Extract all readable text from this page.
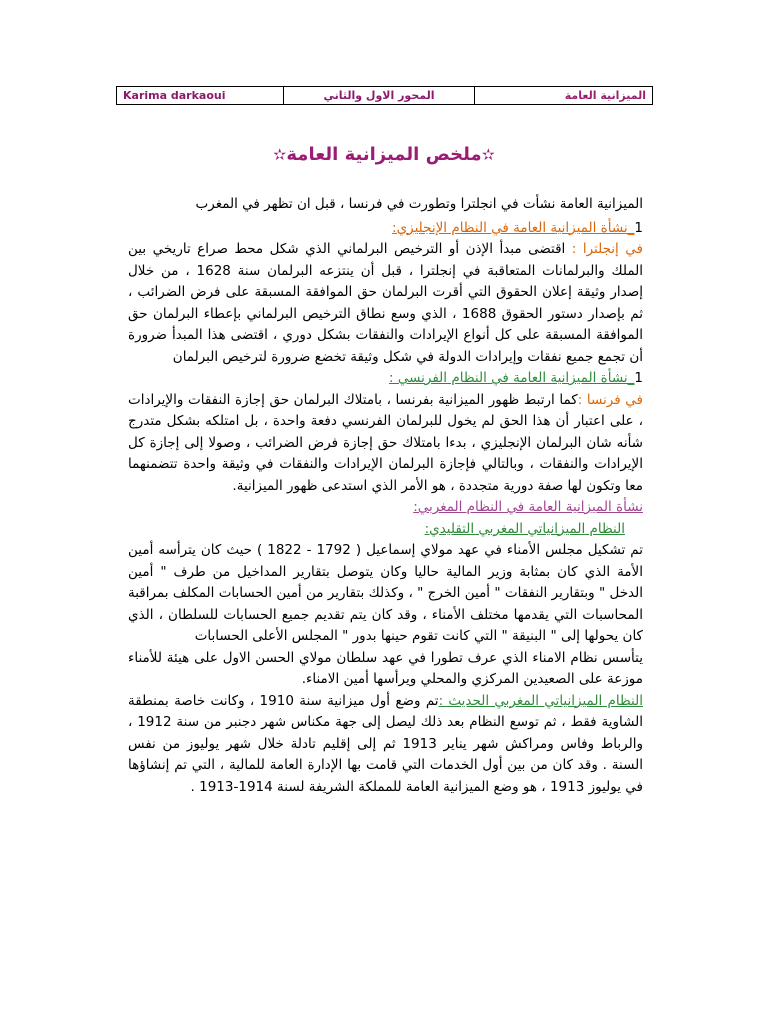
الميزانية العامة	المحور الاول والثاني	Karima darkaoui
✫ملخص الميزانية العامة✫

الميزانية العامة نشأت في انجلترا وتطورت في فرنسا ، قبل ان تظهر في المغرب

1_نشأة الميزانية العامة في النظام الإنجليزي:

في إنجلترا : اقتضى مبدأ الإذن أو الترخيص البرلماني الذي شكل محط صراع تاريخي بين الملك والبرلمانات المتعاقبة في إنجلترا ، قبل أن ينتزعه البرلمان سنة 1628 ، من خلال إصدار وثيقة إعلان الحقوق التي أقرت البرلمان حق الموافقة المسبقة على فرض الضرائب ، ثم بإصدار دستور الحقوق 1688 ، الذي وسع نطاق الترخيص البرلماني بإعطاء البرلمان حق الموافقة المسبقة على كل أنواع الإيرادات والنفقات بشكل دوري ، اقتضى هذا المبدأ ضرورة أن تجمع جميع نفقات وإيرادات الدولة في شكل وثيقة تخضع ضرورة لترخيص البرلمان

1_نشأة الميزانية العامة في النظام الفرنسي :

في فرنسا :كما ارتبط ظهور الميزانية بفرنسا ، بامتلاك البرلمان حق إجازة النفقات والإيرادات ، على اعتبار أن هذا الحق لم يخول للبرلمان الفرنسي دفعة واحدة ، بل امتلكه بشكل متدرج شأنه شان البرلمان الإنجليزي ، بدءا بامتلاك حق إجازة فرض الضرائب ، وصولا إلى إجازة كل الإيرادات والنفقات ، وبالتالي فإجازة البرلمان الإيرادات والنفقات في وثيقة واحدة تتضمنهما معا وتكون لها صفة دورية متجددة ، هو الأمر الذي استدعى ظهور الميزانية.

نشأة الميزانية العامة في النظام المغربي:

النظام الميزانياتي المغربي التقليدي:

تم تشكيل مجلس الأمناء في عهد مولاي إسماعيل ( 1792 - 1822 ) حيث كان يترأسه أمين الأمة الذي كان بمثابة وزير المالية حاليا وكان يتوصل بتقارير المداخيل من طرف " أمين الدخل " وبتقارير النفقات " أمين الخرج " ، وكذلك بتقارير من أمين الحسابات المكلف بمراقبة المحاسبات التي يقدمها مختلف الأمناء ، وقد كان يتم تقديم جميع الحسابات للسلطان ، الذي كان يحولها إلى " البنيقة " التي كانت تقوم حينها بدور " المجلس الأعلى الحسابات

يتأسس نظام الامناء الذي عرف تطورا في عهد سلطان مولاي الحسن الاول على هيئة للأمناء موزعة على الصعيدين المركزي والمحلي ويرأسها أمين الامناء.

النظام الميزانياتي المغربي الحديث :تم وضع أول ميزانية سنة 1910 ، وكانت خاصة بمنطقة الشاوية فقط ، ثم توسع النظام بعد ذلك ليصل إلى جهة مكناس شهر دجنبر من سنة 1912 ، والرباط وفاس ومراكش شهر يناير 1913 ثم إلى إقليم تادلة خلال شهر يوليوز من نفس السنة . وقد كان من بين أول الخدمات التي قامت بها الإدارة العامة للمالية ، التي تم إنشاؤها في يوليوز 1913 ، هو وضع الميزانية العامة للمملكة الشريفة لسنة 1914-1913 .
